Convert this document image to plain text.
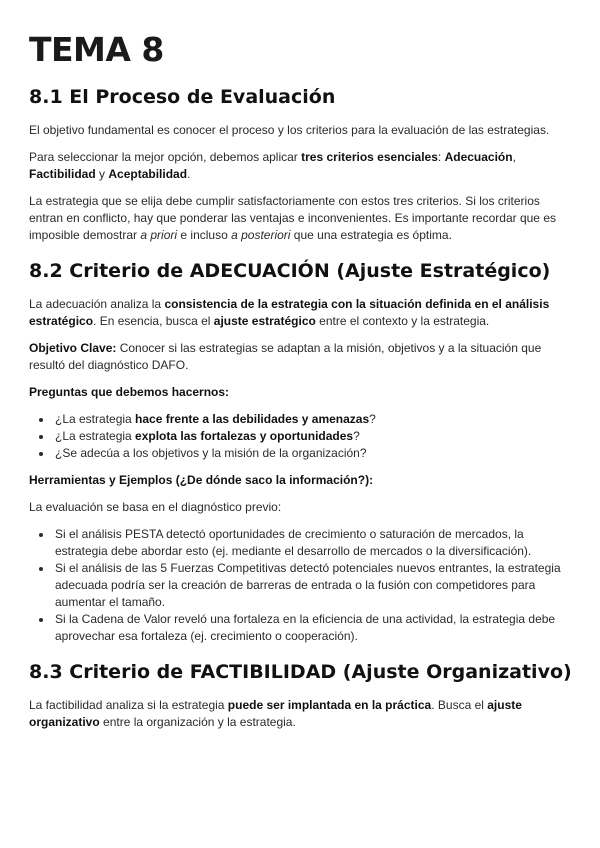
TEMA 8
8.1 El Proceso de Evaluación

El objetivo fundamental es conocer el proceso y los criterios para la evaluación de las estrategias.

Para seleccionar la mejor opción, debemos aplicar tres criterios esenciales: Adecuación, Factibilidad y Aceptabilidad.

La estrategia que se elija debe cumplir satisfactoriamente con estos tres criterios. Si los criterios entran en conflicto, hay que ponderar las ventajas e inconvenientes. Es importante recordar que es imposible demostrar a priori e incluso a posteriori que una estrategia es óptima.

8.2 Criterio de ADECUACIÓN (Ajuste Estratégico)

La adecuación analiza la consistencia de la estrategia con la situación definida en el análisis estratégico. En esencia, busca el ajuste estratégico entre el contexto y la estrategia.

Objetivo Clave: Conocer si las estrategias se adaptan a la misión, objetivos y a la situación que resultó del diagnóstico DAFO.

Preguntas que debemos hacernos:

• ¿La estrategia hace frente a las debilidades y amenazas?
• ¿La estrategia explota las fortalezas y oportunidades?
• ¿Se adecúa a los objetivos y la misión de la organización?

Herramientas y Ejemplos (¿De dónde saco la información?):

La evaluación se basa en el diagnóstico previo:

• Si el análisis PESTA detectó oportunidades de crecimiento o saturación de mercados, la estrategia debe abordar esto (ej. mediante el desarrollo de mercados o la diversificación).
• Si el análisis de las 5 Fuerzas Competitivas detectó potenciales nuevos entrantes, la estrategia adecuada podría ser la creación de barreras de entrada o la fusión con competidores para aumentar el tamaño.
• Si la Cadena de Valor reveló una fortaleza en la eficiencia de una actividad, la estrategia debe aprovechar esa fortaleza (ej. crecimiento o cooperación).
8.3 Criterio de FACTIBILIDAD (Ajuste Organizativo)

La factibilidad analiza si la estrategia puede ser implantada en la práctica. Busca el ajuste organizativo entre la organización y la estrategia.
